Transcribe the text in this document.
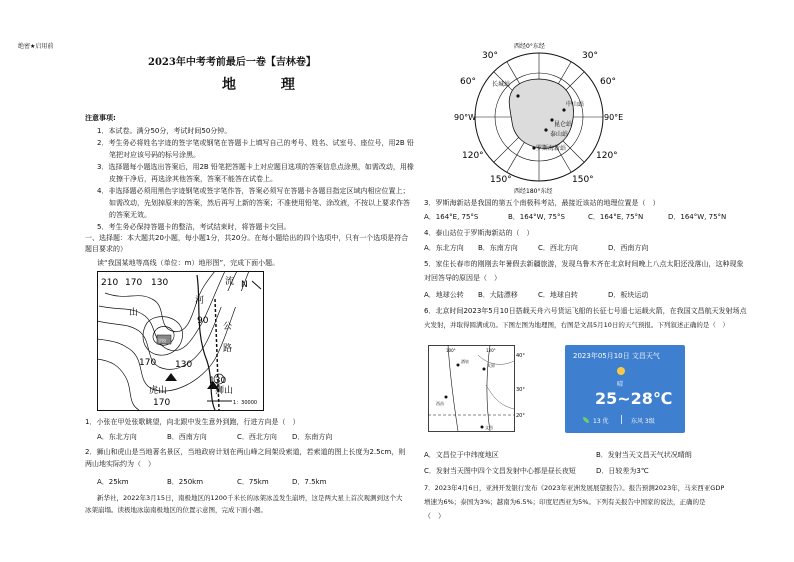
绝密★启用前
2023年中考考前最后一卷【吉林卷】
地 理
注意事项:
1．本试卷。满分50分，考试时间50分钟。
2．考生务必将姓名字迹的签字笔或钢笔在答题卡上填写自己的考号、姓名、试室号、座位号，用2B 铅
笔把对应该号码的标号涂黑。
3．选择题每小题选出答案后，用2B 铅笔把答题卡上对应题目选项的答案信息点涂黑，如需改动，用橡
皮擦干净后，再选涂其他答案，答案不能答在试卷上。
4．非选择题必须用黑色字迹钢笔或签字笔作答，答案必须写在答题卡各题目指定区域内相应位置上；
如需改动，先划掉原来的答案，然后再写上新的答案；不准使用铅笔、涂改液，不按以上要求作答
的答案无效。
5．考生务必保持答题卡的整洁，考试结束时，将答题卡交回。
一、选择题：本大题共20小题，每小题1分，共20分。在每小题给出的四个选项中，只有一个选项是符合
题目要求的）
读“我国某地等高线（单位：m）地形图”，完成下面小题。
210 170 130
河
流
山
公
路
N
90
170 130
学校
虎山
170
狮山
130
1：30000
1．小张在甲处张歌眺望，向北跟中发生意外到跑，行进方向是（　）
A．东北方向	B．西南方向	C．西北方向 D．东南方向
2．狮山和虎山是当地著名景区，当地政府计划在两山峰之间架设索道，若索道的图上长度为2.5cm，则
两山地实际约为（　）
A．25km	B．250km	C．75km	D．7.5km
新华社，2022年3月15日，南极地区的1200千米长的冰架冰盖发生崩坍，这是两大星上首次观测到这个大
冰架崩塌。读极地冰崩南极地区的位置示意图，完成下面小题。
西经0°东经
西经180°东经
30°	30°
60°	60°
90°W	90°E
120°	120°
150°	150°
长城站
中山站
昆仑站
泰山站
罗斯海新站
3．罗斯海新站是我国的第五个南极科考站，最接近该站的地理位置是（　）
A．164°E, 75°S	B．164°W, 75°S	C．164°E, 75°N	D．164°W, 75°N
4．泰山站位于罗斯海新站的（　）
A．东北方向 B．东南方向	C．西北方向	D．西南方向
5．家住长春市的刚刚去年暑假去新疆旅游，发现乌鲁木齐在北京时间晚上八点太阳还没落山，这种现象
对回答导的原因是（　）
A．地球公转 B．大陆漂移	C．地球自转	D．板块运动
6．北京时间2023年5月10日搭载天舟六号货运飞船的长征七号遥七运载火箭，在我国文昌航天发射场点
火发射，并取得圆满成功。下图左图为地理图，右图是文昌5月10日的天气预报。下列叙述正确的是（　）
40°
30°
20°
100°	120°
酒泉
太原
西昌
文昌
2023年05月10日 文昌天气
晴
25~28℃
13 优	东风 3级
A．文昌位于中纬度地区	B．发射当天文昌天气状况晴朗
C．发射当天图中四个文昌发射中心都是昼长夜短	D．日较差为3℃
7．2023年4月6日，亚洲开发银行发布《2023年亚洲发展展望报告》。报告预测2023年，马来西亚GDP
增速为6%；泰国为3%；越南为6.5%；印度尼西亚为5%。下列有关报告中国家的说法，正确的是
（　）
